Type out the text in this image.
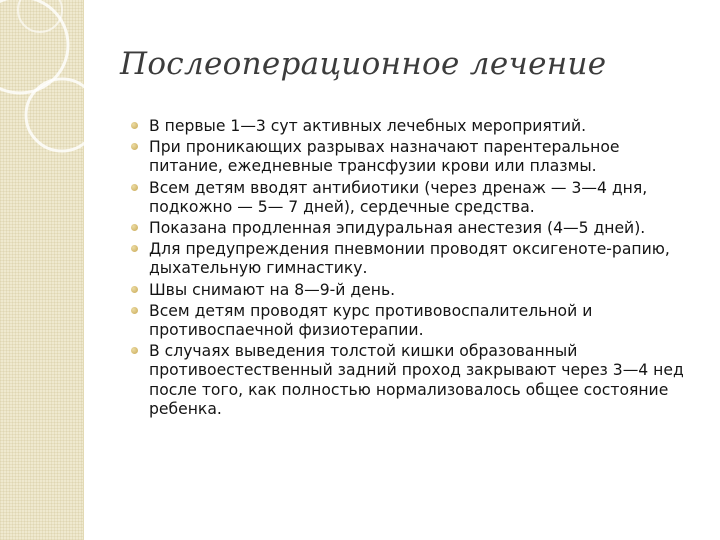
Послеоперационное лечение
В первые 1—3 сут активных лечебных мероприятий.
При проникающих разрывах назначают парентеральное питание, ежедневные трансфузии крови или плазмы.
Всем детям вводят антибиотики (через дренаж — 3—4 дня, подкожно — 5— 7 дней), сердечные средства.
Показана продленная эпидуральная анестезия (4—5 дней).
Для предупреждения пневмонии проводят оксигеноте-рапию, дыхательную гимнастику.
Швы снимают на 8—9-й день.
Всем детям проводят курс противовоспалительной и противоспаечной физиотерапии.
В случаях выведения толстой кишки образованный противоестественный задний проход закрывают через 3—4 нед после того, как полностью нормализовалось общее состояние ребенка.
